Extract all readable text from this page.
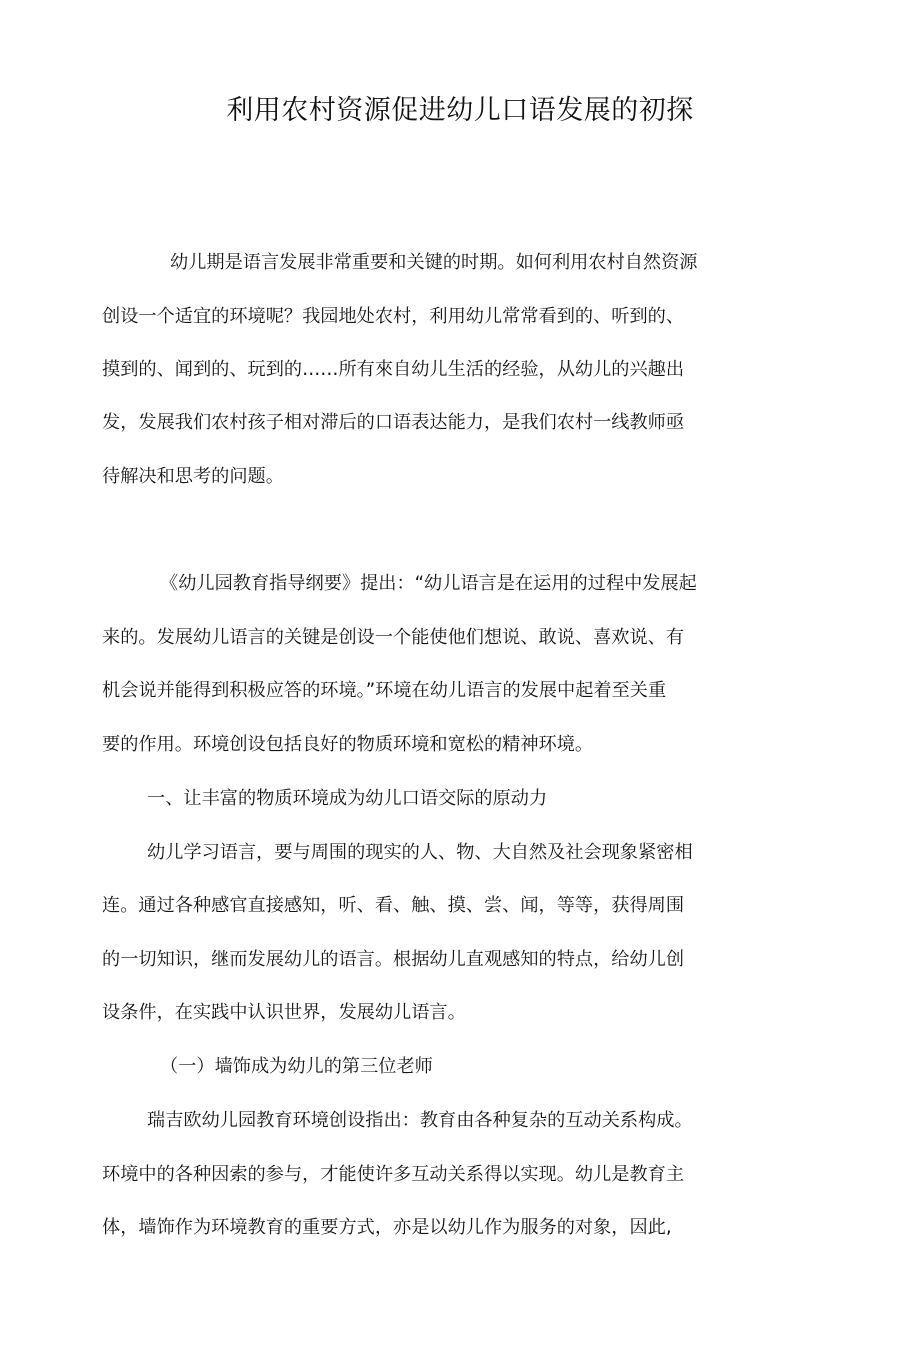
利用农村资源促进幼儿口语发展的初探
幼儿期是语言发展非常重要和关键的时期。如何利用农村自然资源
创设一个适宜的环境呢？我园地处农村，利用幼儿常常看到的、听到的、
摸到的、闻到的、玩到的……所有來自幼儿生活的经验，从幼儿的兴趣出
发，发展我们农村孩子相对滞后的口语表达能力，是我们农村一线教师亟
待解决和思考的问题。
《幼儿园教育指导纲要》提出：“幼儿语言是在运用的过程中发展起
来的。发展幼儿语言的关键是创设一个能使他们想说、敢说、喜欢说、有
机会说并能得到积极应答的环境。”环境在幼儿语言的发展中起着至关重
要的作用。环境创设包括良好的物质环境和宽松的精神环境。
一、让丰富的物质环境成为幼儿口语交际的原动力
幼儿学习语言，要与周围的现实的人、物、大自然及社会现象紧密相
连。通过各种感官直接感知，听、看、触、摸、尝、闻，等等，获得周围
的一切知识，继而发展幼儿的语言。根据幼儿直观感知的特点，给幼儿创
设条件，在实践中认识世界，发展幼儿语言。
（一）墙饰成为幼儿的第三位老师
瑞吉欧幼儿园教育环境创设指出：教育由各种复杂的互动关系构成。
环境中的各种因索的参与，才能使许多互动关系得以实现。幼儿是教育主
体，墙饰作为环境教育的重要方式，亦是以幼儿作为服务的对象，因此,
